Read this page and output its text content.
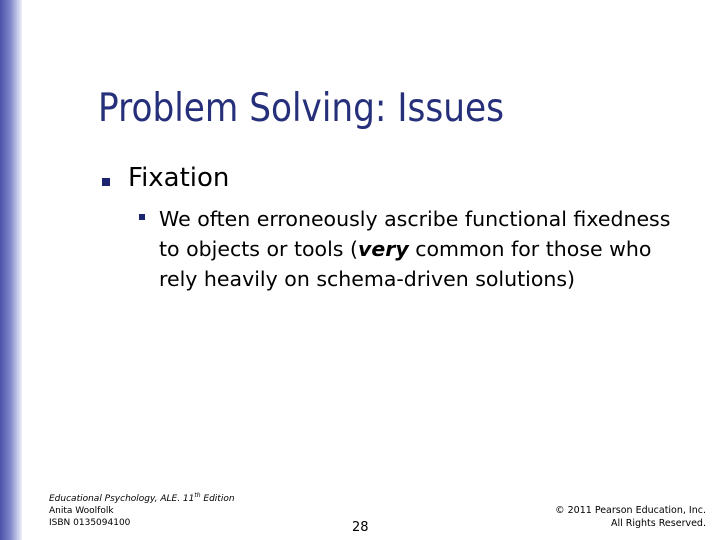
Problem Solving: Issues
Fixation
We often erroneously ascribe functional fixedness
to objects or tools (very common for those who
rely heavily on schema-driven solutions)
Educational Psychology, ALE. 11th Edition
Anita Woolfolk
ISBN 0135094100	28
© 2011 Pearson Education, Inc.
All Rights Reserved.
